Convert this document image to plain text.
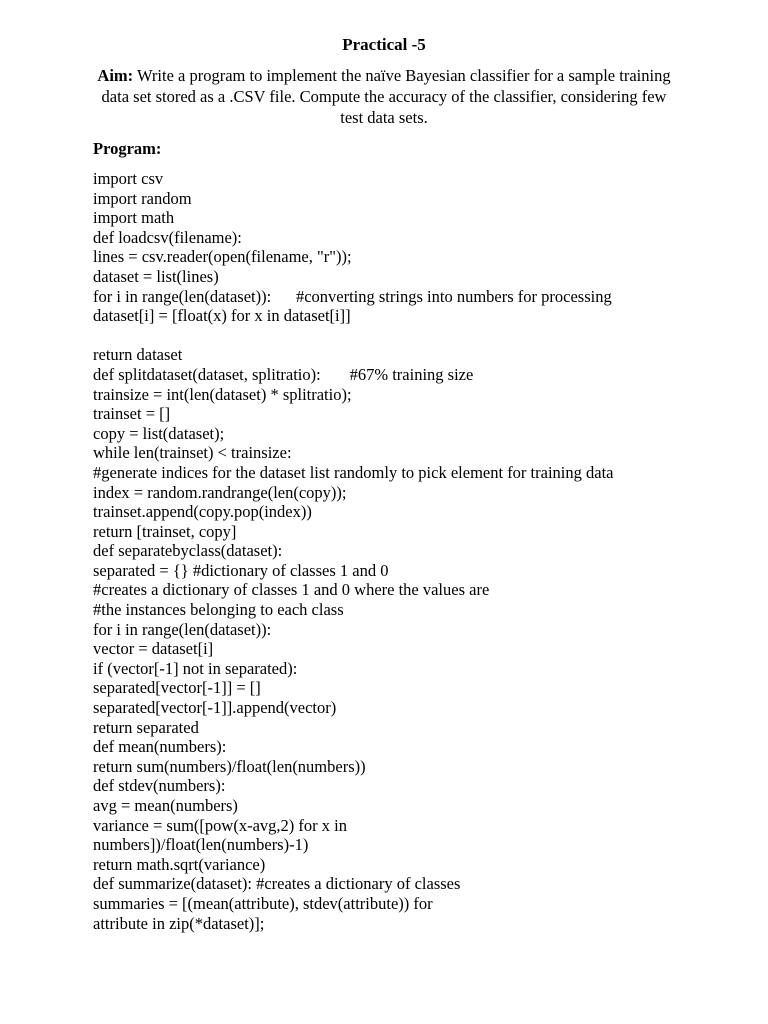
Practical -5
Aim: Write a program to implement the naïve Bayesian classifier for a sample training data set stored as a .CSV file. Compute the accuracy of the classifier, considering few test data sets.
Program:
import csv
import random
import math
def loadcsv(filename):
lines = csv.reader(open(filename, "r"));
dataset = list(lines)
for i in range(len(dataset)):      #converting strings into numbers for processing
dataset[i] = [float(x) for x in dataset[i]]
return dataset
def splitdataset(dataset, splitratio):       #67% training size
trainsize = int(len(dataset) * splitratio);
trainset = []
copy = list(dataset);
while len(trainset) < trainsize:
#generate indices for the dataset list randomly to pick element for training data
index = random.randrange(len(copy));
trainset.append(copy.pop(index))
return [trainset, copy]
def separatebyclass(dataset):
separated = {} #dictionary of classes 1 and 0
#creates a dictionary of classes 1 and 0 where the values are
#the instances belonging to each class
for i in range(len(dataset)):
vector = dataset[i]
if (vector[-1] not in separated):
separated[vector[-1]] = []
separated[vector[-1]].append(vector)
return separated
def mean(numbers):
return sum(numbers)/float(len(numbers))
def stdev(numbers):
avg = mean(numbers)
variance = sum([pow(x-avg,2) for x in
numbers])/float(len(numbers)-1)
return math.sqrt(variance)
def summarize(dataset): #creates a dictionary of classes
summaries = [(mean(attribute), stdev(attribute)) for
attribute in zip(*dataset)];
